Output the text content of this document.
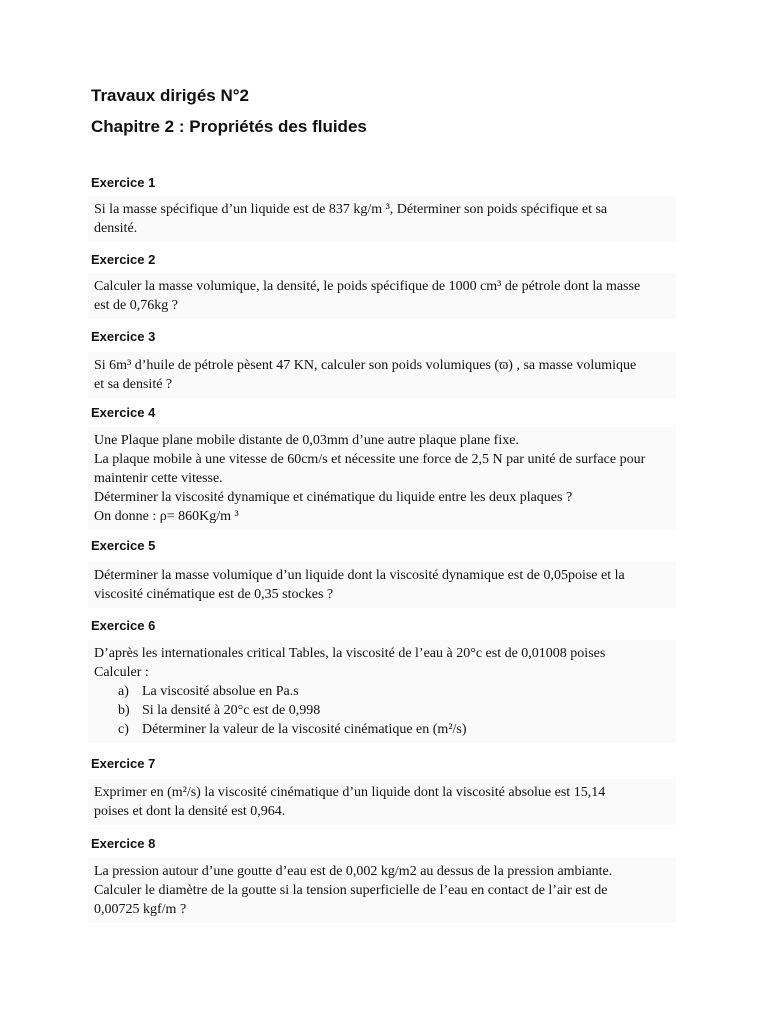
Travaux dirigés N°2
Chapitre 2 : Propriétés des fluides
Exercice 1
Si la masse spécifique d’un liquide est de 837 kg/m ³, Déterminer son poids spécifique et sa
densité.
Exercice 2
Calculer la masse volumique, la densité, le poids spécifique de 1000 cm³ de pétrole dont la masse
est de 0,76kg ?
Exercice 3
Si 6m³ d’huile de pétrole pèsent 47 KN, calculer son poids volumiques (ϖ) , sa masse volumique
et sa densité ?
Exercice 4
Une Plaque plane mobile distante de 0,03mm d’une autre plaque plane fixe.
La plaque mobile à une vitesse de 60cm/s et nécessite une force de 2,5 N par unité de surface pour
maintenir cette vitesse.
Déterminer la viscosité dynamique et cinématique du liquide entre les deux plaques ?
On donne : ρ= 860Kg/m ³
Exercice 5
Déterminer la masse volumique d’un liquide dont la viscosité dynamique est de 0,05poise et la
viscosité cinématique est de 0,35 stockes ?
Exercice 6
D’après les internationales critical Tables, la viscosité de l’eau à 20°c est de 0,01008 poises
Calculer :
a) La viscosité absolue en Pa.s
b) Si la densité à 20°c est de 0,998
c) Déterminer la valeur de la viscosité cinématique en (m²/s)
Exercice 7
Exprimer en (m²/s) la viscosité cinématique d’un liquide dont la viscosité absolue est 15,14
poises et dont la densité est 0,964.
Exercice 8
La pression autour d’une goutte d’eau est de 0,002 kg/m2 au dessus de la pression ambiante.
Calculer le diamètre de la goutte si la tension superficielle de l’eau en contact de l’air est de
0,00725 kgf/m ?
